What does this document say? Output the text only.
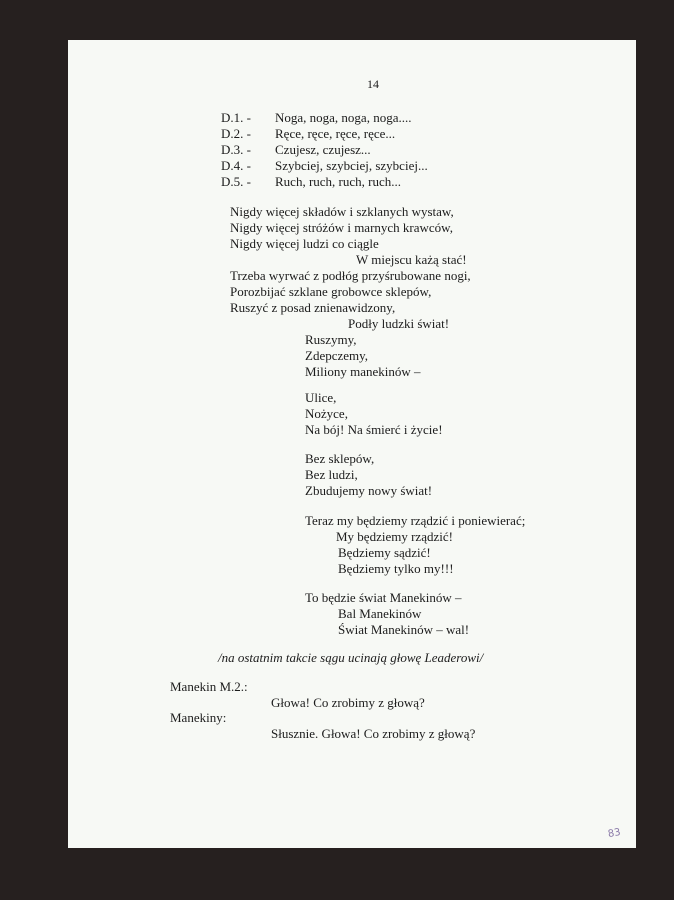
14
D.1. - Noga, noga, noga, noga....
D.2. - Ręce, ręce, ręce, ręce...
D.3. - Czujesz, czujesz...
D.4. - Szybciej, szybciej, szybciej...
D.5. - Ruch, ruch, ruch, ruch...
Nigdy więcej składów i szklanych wystaw,
Nigdy więcej stróżów i marnych krawców,
Nigdy więcej ludzi co ciągle
W miejscu każą stać!
Trzeba wyrwać z podłóg przyśrubowane nogi,
Porozbijać szklane grobowce sklepów,
Ruszyć z posad znienawidzony,
Podły ludzki świat!
Ruszymy,
Zdepczemy,
Miliony manekinów –
Ulice,
Nożyce,
Na bój! Na śmierć i życie!
Bez sklepów,
Bez ludzi,
Zbudujemy nowy świat!
Teraz my będziemy rządzić i poniewierać;
My będziemy rządzić!
Będziemy sądzić!
Będziemy tylko my!!!
To będzie świat Manekinów –
Bal Manekinów
Świat Manekinów – wal!
/na ostatnim takcie sągu ucinają głowę Leaderowi/
Manekin M.2.:
Głowa! Co zrobimy z głową?
Manekiny:
Słusznie. Głowa! Co zrobimy z głową?
83
